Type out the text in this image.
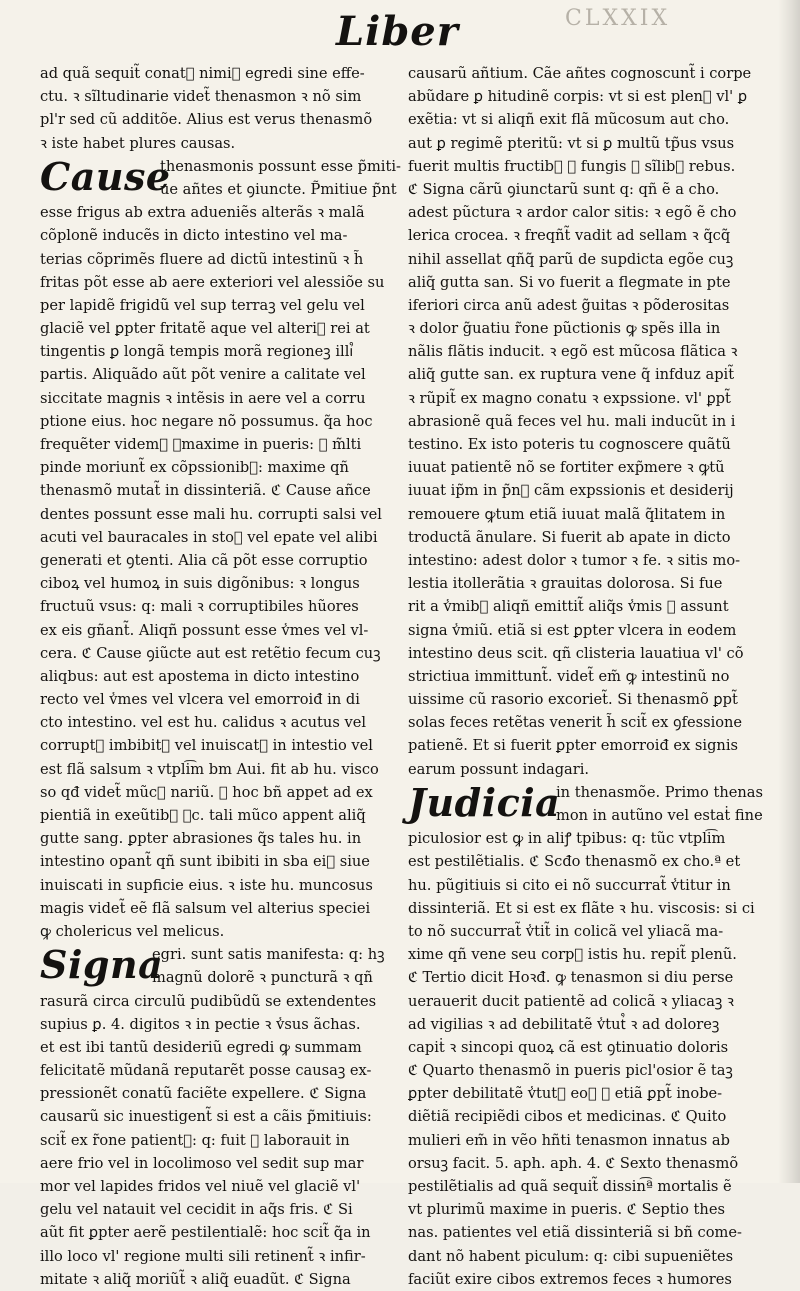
CLXXIX
Liber
ad quã sequit̃ conat᷒ nimi᷒ egredi sine effe-
ctu. ꝛ sĩltudinarie videt̃ thenasmon ꝛ nõ sim
pl'r sed cũ additõe. Alius est verus thenasmõ
ꝛ iste habet plures causas.
Cause
thenasmonis possunt esse p̃miti-
ue añtes et ꝯiuncte. P̃mitiue p̃nt
esse frigus ab extra adueniẽs alterãs ꝛ malã
cõplonẽ inducẽs in dicto intestino vel ma-
terias cõprimẽs fluere ad dictũ intestinũ ꝛ h̃
fritas põt esse ab aere exteriori vel alessiõe su
per lapidẽ frigidũ vel sup terraꝫ vel gelu vel
glaciẽ vel ꝑpter fritatẽ aque vel alteri᷒ rei at
tingentis ꝑ longã tempis morã regioneꝫ illi᷒
partis. Aliquãdo aũt põt venire a calitate vel
siccitate magnis ꝛ intẽsis in aere vel a corru
ptione eius. hoc negare nõ possumus. q̃a hoc
frequẽter videm᷒ ꝙmaxime in pueris: ꝛ m̃lti
pinde moriunt̃ ex cõpssionib᷒: maxime qñ
thenasmõ mutat̃ in dissinteriã. ℭ Cause añce
dentes possunt esse mali hu. corrupti salsi vel
acuti vel bauracales in sto᷒ vel epate vel alibi
generati et ꝯtenti. Alia cã põt esse corruptio
ciboꝝ vel humoꝝ in suis digõnibus: ꝛ longus
fructuũ vsus: q: mali ꝛ corruptibiles hũores
ex eis gñant̃. Aliqñ possunt esse v̾mes vel vl-
cera. ℭ Cause ꝯiũcte aut est retẽtio fecum cuꝫ
aliqbus: aut est apostema in dicto intestino
recto vel v̾mes vel vlcera vel emorroiđ in di
cto intestino. vel est hu. calidus ꝛ acutus vel
corrupt᷒ imbibit᷒ vel inuiscat᷒ in intestio vel
est flã salsum ꝛ vtpli͡m bm Aui. fit ab hu. visco
so qđ videt̃ mũc᷒ nariũ. ꝛ hoc bñ appet ad ex
pientiã in exeũtib᷒ ꝛc. tali mũco appent aliq̃
gutte sang. ꝑpter abrasiones q̃s tales hu. in
intestino opant̃ qñ sunt ibibiti in sba ei᷒ siue
inuiscati in supficie eius. ꝛ iste hu. muncosus
magis videt̃ eẽ flã salsum vel alterius speciei
ꝙ cholericus vel melicus.
Signa
egri. sunt satis manifesta: q: hꝫ
magnũ dolorẽ ꝛ puncturã ꝛ qñ
rasurã circa circulũ pudibũdũ se extendentes
supius ꝑ. 4. digitos ꝛ in pectie ꝛ v̾sus ãchas.
et est ibi tantũ desideriũ egredi ꝙ summam
felicitatẽ mũdanã reputarẽt posse causaꝫ ex-
pressionẽt conatũ faciẽte expellere. ℭ Signa
causarũ sic inuestigent̃ si est a cãis p̃mitiuis:
scit̃ ex r̃one patient᷒: q: fuit ꝛ laborauit in
aere frio vel in locolimoso vel sedit sup mar
mor vel lapides fridos vel niuẽ vel glaciẽ vl'
gelu vel natauit vel cecidit in aq̃s fris. ℭ Si
aũt fit ꝑpter aerẽ pestilentialẽ: hoc scit̃ q̃a in
illo loco vl' regione multi sili retinent̃ ꝛ infir-
mitate ꝛ aliq̃ moriũt̃ ꝛ aliq̃ euadũt. ℭ Signa
causarũ añtium. Cãe añtes cognoscunt̃ i corpe
abũdare ꝑ hitudinẽ corpis: vt si est plen᷒ vl' ꝑ
exẽtia: vt si aliqñ exit flã mũcosum aut cho.
aut ꝑ regimẽ pteritũ: vt si ꝑ multũ tp̃us vsus
fuerit multis fructib᷒ ꝛ fungis ꝛ sĩlib᷒ rebus.
ℭ Signa cãrũ ꝯiunctarũ sunt q: qñ ẽ a cho.
adest pũctura ꝛ ardor calor sitis: ꝛ egõ ẽ cho
lerica crocea. ꝛ freqñt̃ vadit ad sellam ꝛ q̃cq̃
nihil assellat qñq̃ parũ de supdicta egõe cuꝫ
aliq̃ gutta san. Si vo fuerit a flegmate in pte
iferiori circa anũ adest g̃uitas ꝛ põderositas
ꝛ dolor g̃uatiu r̃one pũctionis ꝙ spẽs illa in
nãlis flãtis inducit. ꝛ egõ est mũcosa flãtica ꝛ
aliq̃ gutte san. ex ruptura vene q̃ infduz apit̃
ꝛ rũpit̃ ex magno conatu ꝛ expssione. vl' ꝑpt̃
abrasionẽ quã feces vel hu. mali inducũt in i
testino. Ex isto poteris tu cognoscere quãtũ
iuuat patientẽ nõ se fortiter exp̃mere ꝛ ꝙtũ
iuuat ip̃m in p̃n᷒ cãm expssionis et desiderij
remouere ꝙtum etiã iuuat malã q̃litatem in
troductã ãnulare. Si fuerit ab apate in dicto
intestino: adest dolor ꝛ tumor ꝛ fe. ꝛ sitis mo-
lestia itollerãtia ꝛ grauitas dolorosa. Si fue
rit a v̾mib᷒ aliqñ emittit̃ aliq̃s v̾mis ꝛ assunt
signa v̾miũ. etiã si est ꝑpter vlcera in eodem
intestino deus scit. qñ clisteria lauatiua vl' cõ
strictiua immittunt̃. videt̃ em̃ ꝙ intestinũ no
uissime cũ rasorio excoriet̃. Si thenasmõ ꝑpt̃
solas feces retẽtas venerit h̃ scit̃ ex ꝯfessione
patienẽ. Et si fuerit ꝑpter emorroiđ ex signis
earum possunt indagari.
Judicia
in thenasmõe. Primo thenas
mon in autũno vel estaṫ fine
piculosior est ꝙ in aliꝭ tpibus: q: tũc vtpli͡m
est pestilẽtialis. ℭ Scđo thenasmõ ex cho.ª et
hu. pũgitiuis si cito ei nõ succurrat̃ v̾titur in
dissinteriã. Et si est ex flãte ꝛ hu. viscosis: si ci
to nõ succurrat̃ v̾tit̃ in colicã vel yliacã ma-
xime qñ vene seu corp᷒ istis hu. repit̃ plenũ.
ℭ Tertio dicit Hoꝛđ. ꝙ tenasmon si diu perse
uerauerit ducit patientẽ ad colicã ꝛ yliacaꝫ ꝛ
ad vigilias ꝛ ad debilitatẽ v̾tut᷒ ꝛ ad doloreꝫ
capiṫ ꝛ sincopi quoꝝ cã est ꝯtinuatio doloris
ℭ Quarto thenasmõ in pueris picl'osior ẽ taꝫ
ꝑpter debilitatẽ v̾tut᷒ eoꝝ ꝙ etiã ꝑpt̃ inobe-
diẽtiã recipiẽdi cibos et medicinas. ℭ Quito
mulieri em̃ in vẽo hñti tenasmon innatus ab
orsuꝫ facit. 5. aph. aph. 4. ℭ Sexto thenasmõ
pestilẽtialis ad quã sequit̃ dissin͡ª mortalis ẽ
vt plurimũ maxime in pueris. ℭ Septio thes
nas. patientes vel etiã dissinteriã si bñ come-
dant nõ habent piculum: q: cibi supueniẽtes
faciũt exire cibos extremos feces ꝛ humores
